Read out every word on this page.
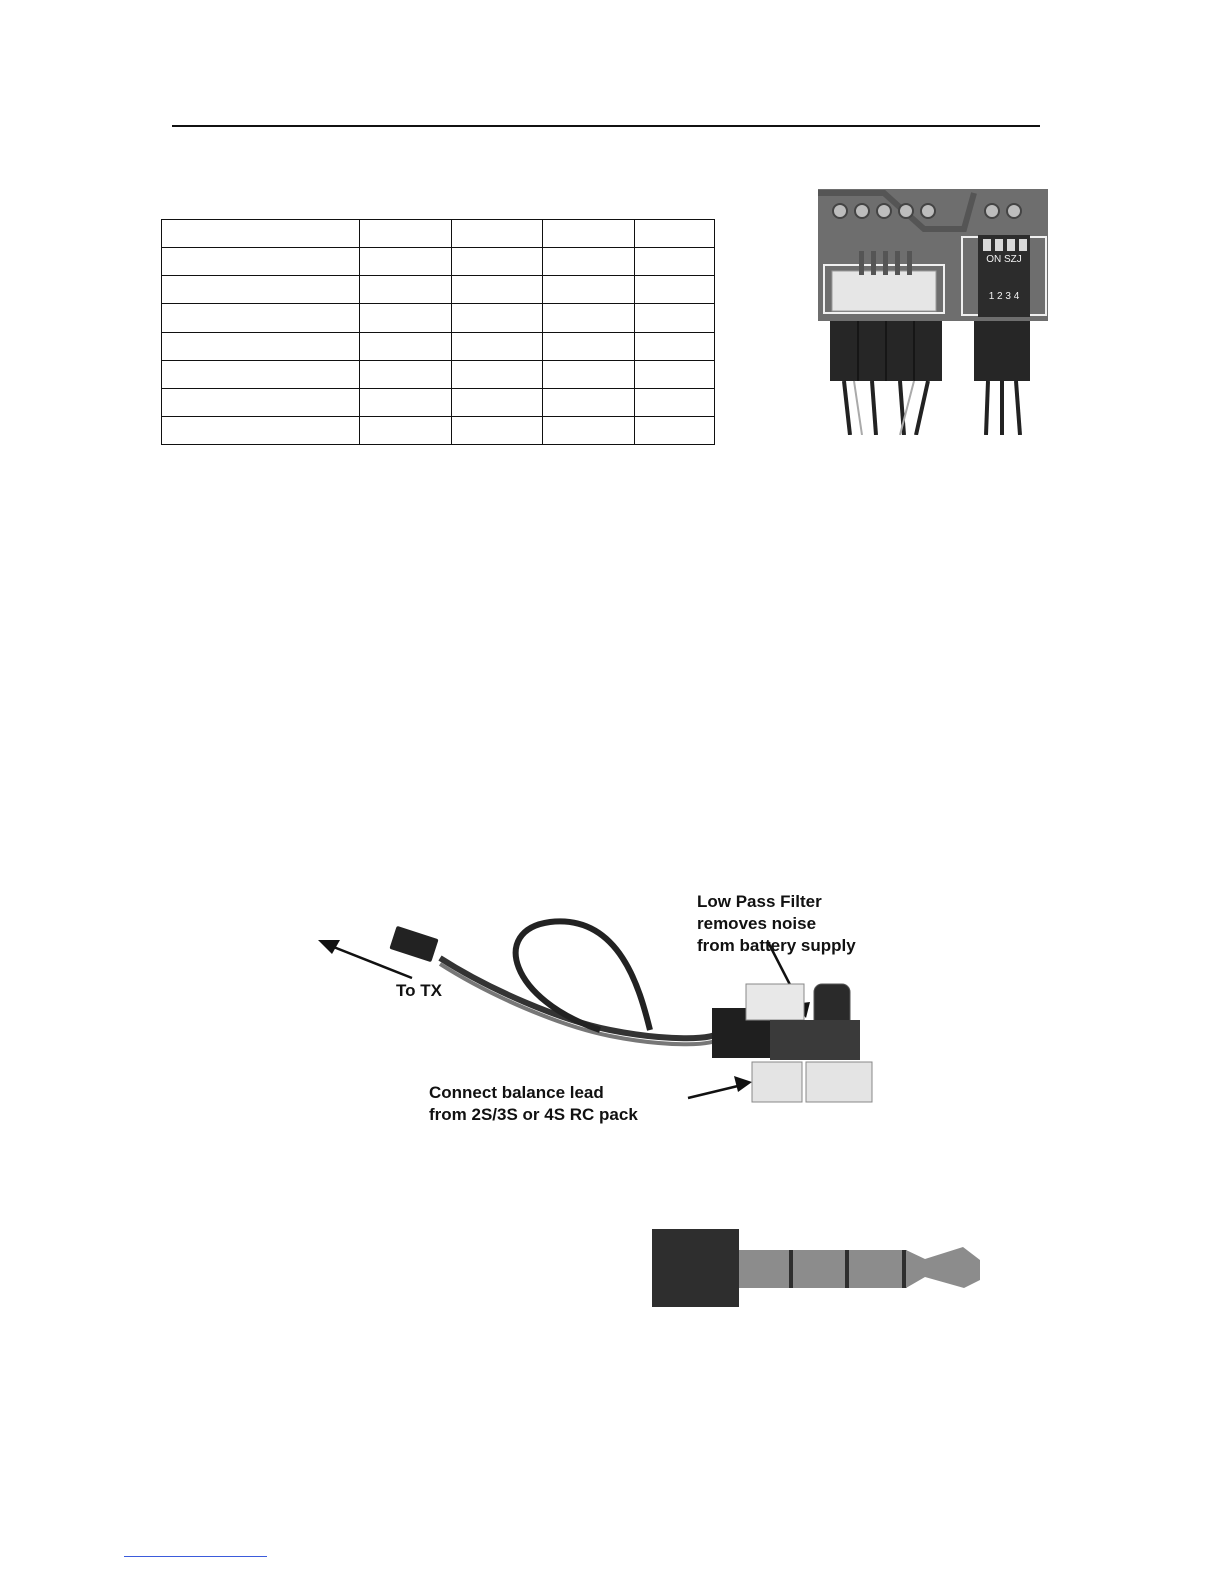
ON SZJ
1 2 3 4
Low Pass Filter
removes noise
from battery supply
To TX
Connect balance lead
from 2S/3S or 4S RC pack
